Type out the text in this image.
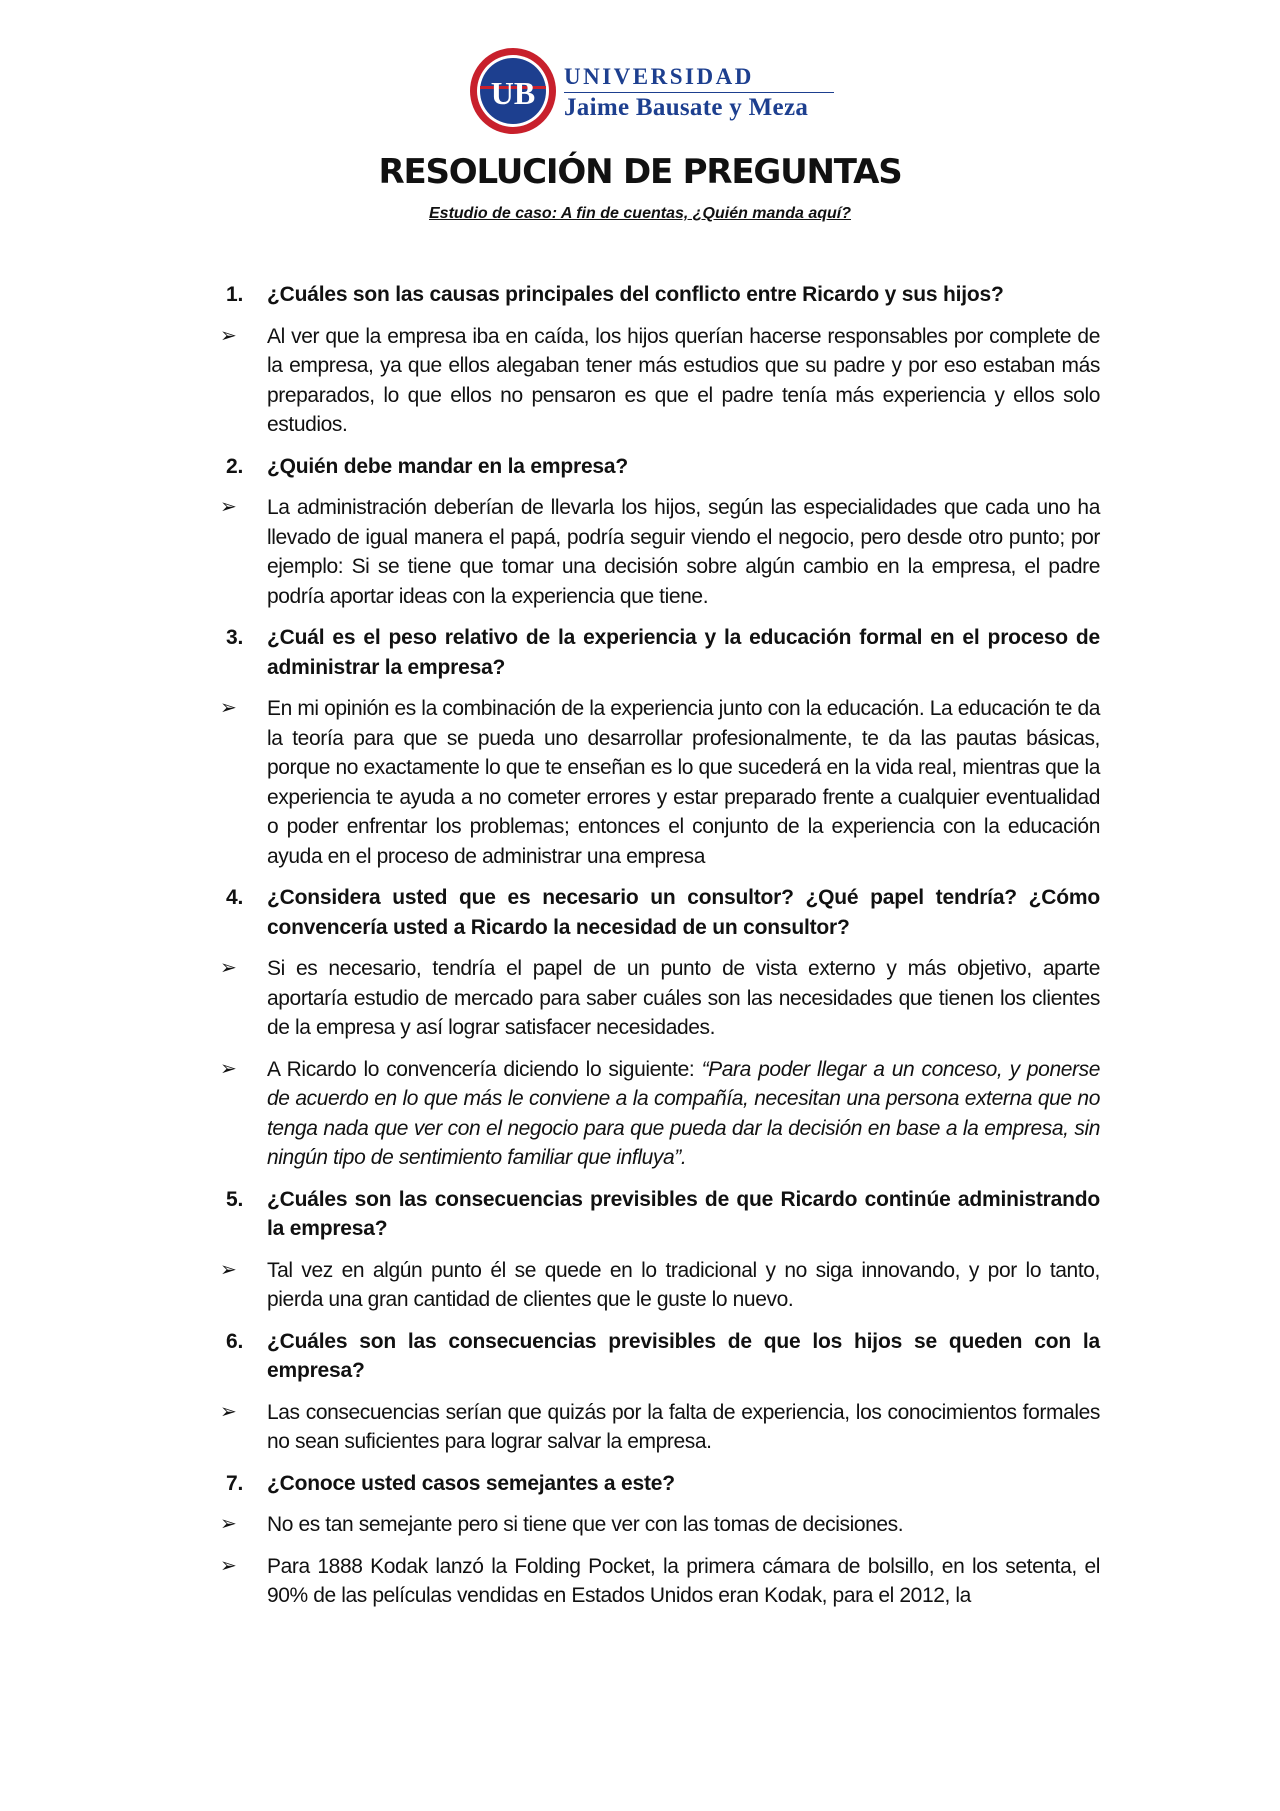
UB UNIVERSIDAD
Jaime Bausate y Meza
RESOLUCIÓN DE PREGUNTAS
Estudio de caso: A fin de cuentas, ¿Quién manda aquí?
1. ¿Cuáles son las causas principales del conflicto entre Ricardo y sus hijos?
➢ Al ver que la empresa iba en caída, los hijos querían hacerse responsables por complete de la empresa, ya que ellos alegaban tener más estudios que su padre y por eso estaban más preparados, lo que ellos no pensaron es que el padre tenía más experiencia y ellos solo estudios.
2. ¿Quién debe mandar en la empresa?
➢ La administración deberían de llevarla los hijos, según las especialidades que cada uno ha llevado de igual manera el papá, podría seguir viendo el negocio, pero desde otro punto; por ejemplo: Si se tiene que tomar una decisión sobre algún cambio en la empresa, el padre podría aportar ideas con la experiencia que tiene.
3. ¿Cuál es el peso relativo de la experiencia y la educación formal en el proceso de administrar la empresa?
➢ En mi opinión es la combinación de la experiencia junto con la educación. La educación te da la teoría para que se pueda uno desarrollar profesionalmente, te da las pautas básicas, porque no exactamente lo que te enseñan es lo que sucederá en la vida real, mientras que la experiencia te ayuda a no cometer errores y estar preparado frente a cualquier eventualidad o poder enfrentar los problemas; entonces el conjunto de la experiencia con la educación ayuda en el proceso de administrar una empresa
4. ¿Considera usted que es necesario un consultor? ¿Qué papel tendría? ¿Cómo convencería usted a Ricardo la necesidad de un consultor?
➢ Si es necesario, tendría el papel de un punto de vista externo y más objetivo, aparte aportaría estudio de mercado para saber cuáles son las necesidades que tienen los clientes de la empresa y así lograr satisfacer necesidades.
➢ A Ricardo lo convencería diciendo lo siguiente: “Para poder llegar a un conceso, y ponerse de acuerdo en lo que más le conviene a la compañía, necesitan una persona externa que no tenga nada que ver con el negocio para que pueda dar la decisión en base a la empresa, sin ningún tipo de sentimiento familiar que influya”.
5. ¿Cuáles son las consecuencias previsibles de que Ricardo continúe administrando la empresa?
➢ Tal vez en algún punto él se quede en lo tradicional y no siga innovando, y por lo tanto, pierda una gran cantidad de clientes que le guste lo nuevo.
6. ¿Cuáles son las consecuencias previsibles de que los hijos se queden con la empresa?
➢ Las consecuencias serían que quizás por la falta de experiencia, los conocimientos formales no sean suficientes para lograr salvar la empresa.
7. ¿Conoce usted casos semejantes a este?
➢ No es tan semejante pero si tiene que ver con las tomas de decisiones.
➢ Para 1888 Kodak lanzó la Folding Pocket, la primera cámara de bolsillo, en los setenta, el 90% de las películas vendidas en Estados Unidos eran Kodak, para el 2012, la
